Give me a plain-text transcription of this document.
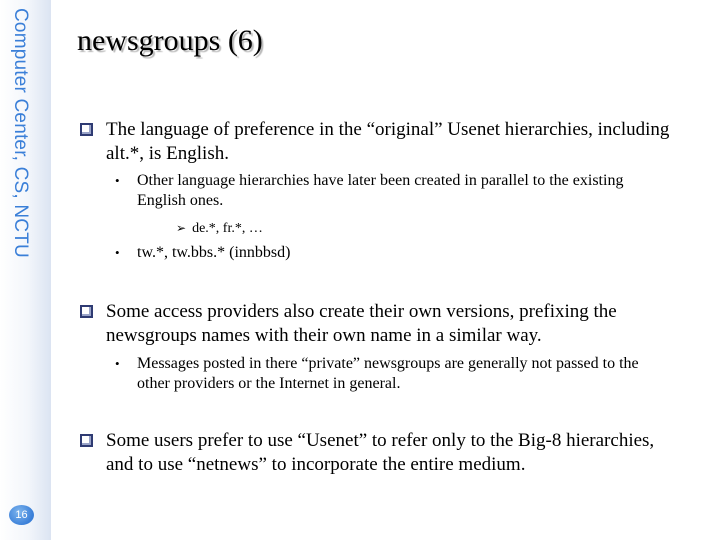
Computer Center, CS, NCTU
16
newsgroups (6)
The language of preference in the “original” Usenet hierarchies, including alt.*, is English.
•	Other language hierarchies have later been created in parallel to the existing English ones.
➢ de.*, fr.*, …
•	tw.*, tw.bbs.* (innbbsd)
Some access providers also create their own versions, prefixing the newsgroups names with their own name in a similar way.
•	Messages posted in there “private” newsgroups are generally not passed to the other providers or the Internet in general.
Some users prefer to use “Usenet” to refer only to the Big-8 hierarchies, and to use “netnews” to incorporate the entire medium.
